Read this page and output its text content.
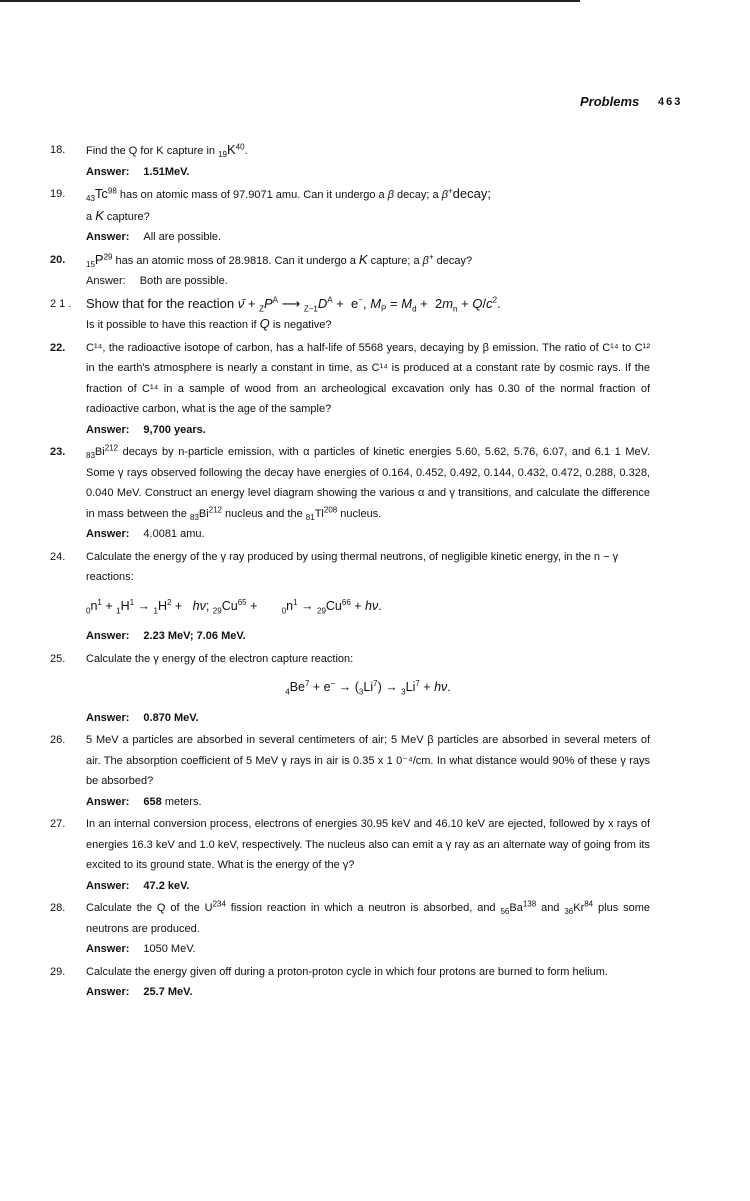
Problems 463
18.	Find the Q for K capture in $_{19}K^{40}$.
Answer: 1.51MeV.
19.	$_{43}Tc^{98}$ has on atomic mass of 97.9071 amu. Can it undergo a β decay; a β+decay;
a K capture?
Answer: All are possible.
20.	$_{15}P^{29}$ has an atomic moss of 28.9818. Can it undergo a K capture; a β+ decay?
Answer: Both are possible.
2 1 .	Show that for the reaction ν̄ + $_ZP^A$ ⟶ $_{Z-1}D^A + e^-$, $M_P = M_d + 2m_n + Q/c^2$.
Is it possible to have this reaction if Q is negative?
22.	C¹⁴, the radioactive isotope of carbon, has a half-life of 5568 years, decaying by β emission. The ratio of C¹⁴ to C¹² in the earth's atmosphere is nearly a constant in time, as C¹⁴ is produced at a constant rate by cosmic rays. If the fraction of C¹⁴ in a sample of wood from an archeological excavation only has 0.30 of the normal fraction of radioactive carbon, what is the age of the sample?
Answer: 9,700 years.
23.	$_{83}Bi^{212}$ decays by n-particle emission, with α particles of kinetic energies 5.60, 5.62, 5.76, 6.07, and 6.1 1 MeV. Some γ rays observed following the decay have energies of 0.164, 0.452, 0.492, 0.144, 0.432, 0.472, 0.288, 0.328, 0.040 MeV. Construct an energy level diagram showing the various α and γ transitions, and calculate the difference in mass between the $_{83}Bi^{212}$ nucleus and the $_{81}Tl^{208}$ nucleus.
Answer: 4.0081 amu.
24.	Calculate the energy of the γ ray produced by using thermal neutrons, of negligible kinetic energy, in the n − γ reactions:
$_0n^1 + _1H^1 \to _1H^2 + h\nu$; $_{29}Cu^{65}$ +       $_0n^1 \to _{29}Cu^{66} + h\nu$.
Answer: 2.23 MeV; 7.06 MeV.
25.	Calculate the γ energy of the electron capture reaction:
$_4Be^7 + e^- \to (_3Li^7) \to _3Li^7 + h\nu$.
Answer: 0.870 MeV.
26.	5 MeV a particles are absorbed in several centimeters of air; 5 MeV β particles are absorbed in several meters of air. The absorption coefficient of 5 MeV γ rays in air is 0.35 x 1 0⁻⁴/cm. In what distance would 90% of these γ rays be absorbed?
Answer: 658 meters.
27.	In an internal conversion process, electrons of energies 30.95 keV and 46.10 keV are ejected, followed by x rays of energies 16.3 keV and 1.0 keV, respectively. The nucleus also can emit a γ ray as an alternate way of going from its excited to its ground state. What is the energy of the γ?
Answer: 47.2 keV.
28.	Calculate the Q of the $U^{234}$ fission reaction in which a neutron is absorbed, and $_{56}Ba^{138}$ and $_{36}Kr^{84}$ plus some neutrons are produced.
Answer: 1050 MeV.
29.	Calculate the energy given off during a proton-proton cycle in which four protons are burned to form helium.
Answer: 25.7 MeV.
